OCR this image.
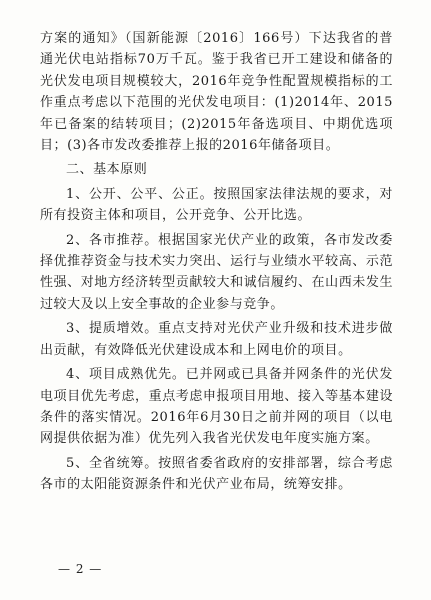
方案的通知》（国新能源〔2016〕166号）下达我省的普通光伏电站指标70万千瓦。鉴于我省已开工建设和储备的光伏发电项目规模较大，2016年竞争性配置规模指标的工作重点考虑以下范围的光伏发电项目：(1)2014年、2015年已备案的结转项目；(2)2015年备选项目、中期优选项目；(3)各市发改委推荐上报的2016年储备项目。

二、基本原则

1、公开、公平、公正。按照国家法律法规的要求，对所有投资主体和项目，公开竞争、公开比选。

2、各市推荐。根据国家光伏产业的政策，各市发改委择优推荐资金与技术实力突出、运行与业绩水平较高、示范性强、对地方经济转型贡献较大和诚信履约、在山西未发生过较大及以上安全事故的企业参与竞争。

3、提质增效。重点支持对光伏产业升级和技术进步做出贡献，有效降低光伏建设成本和上网电价的项目。

4、项目成熟优先。已并网或已具备并网条件的光伏发电项目优先考虑，重点考虑申报项目用地、接入等基本建设条件的落实情况。2016年6月30日之前并网的项目（以电网提供依据为准）优先列入我省光伏发电年度实施方案。

5、全省统筹。按照省委省政府的安排部署，综合考虑各市的太阳能资源条件和光伏产业布局，统筹安排。

— 2 —
